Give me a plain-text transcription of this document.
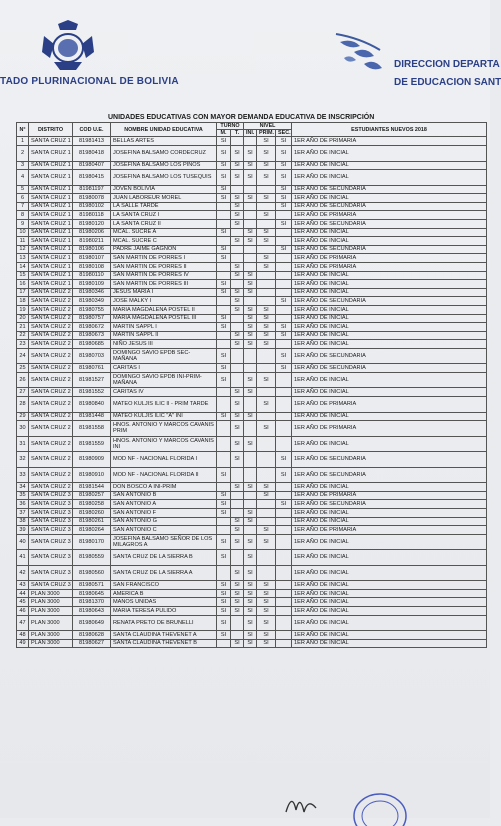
TADO PLURINACIONAL DE BOLIVIA
DIRECCION DEPARTA
DE EDUCACION SANT
UNIDADES EDUCATIVAS CON MAYOR DEMANDA EDUCATIVA DE INSCRIPCIÓN
N°	DISTRITO	COD U.E.	NOMBRE UNIDAD EDUCATIVA	TURNO		NIVEL			ESTUDIANTES NUEVOS 2018
				M.	T.	INI.	PRIM.	SEC.	
1	SANTA CRUZ 1	81981413	BELLAS ARTES	SI			SI	SI	1ER AÑO DE PRIMARIA
2	SANTA CRUZ 1	81980418	JOSEFINA BALSAMO CORDECRUZ	SI	SI	SI	SI	SI	1ER AÑO DE INICIAL
3	SANTA CRUZ 1	81980407	JOSEFINA BALSAMO LOS PINOS	SI	SI	SI	SI	SI	1ER AÑO DE INICIAL
4	SANTA CRUZ 1	81980415	JOSEFINA BALSAMO LOS TUSEQUIS	SI	SI	SI	SI	SI	1ER AÑO DE INICIAL
5	SANTA CRUZ 1	81981197	JOVEN BOLIVIA	SI				SI	1ER AÑO DE SECUNDARIA
6	SANTA CRUZ 1	81980078	JUAN LABOREUR MOREL	SI	SI	SI	SI	SI	1ER AÑO DE INICIAL
7	SANTA CRUZ 1	81980102	LA SALLE TARDE		SI			SI	1ER AÑO DE SECUNDARIA
8	SANTA CRUZ 1	81980118	LA SANTA CRUZ I		SI		SI		1ER AÑO DE PRIMARIA
9	SANTA CRUZ 1	81980120	LA SANTA CRUZ II		SI			SI	1ER AÑO DE SECUNDARIA
10	SANTA CRUZ 1	81980206	MCAL. SUCRE A	SI		SI	SI		1ER AÑO DE INICIAL
11	SANTA CRUZ 1	81980211	MCAL. SUCRE C		SI	SI	SI		1ER AÑO DE INICIAL
12	SANTA CRUZ 1	81980106	PADRE JAIME GAGNON	SI				SI	1ER AÑO DE SECUNDARIA
13	SANTA CRUZ 1	81980107	SAN MARTIN DE PORRES I	SI			SI		1ER AÑO DE PRIMARIA
14	SANTA CRUZ 1	81980108	SAN MARTIN DE PORRES II		SI		SI		1ER AÑO DE PRIMARIA
15	SANTA CRUZ 1	81980110	SAN MARTIN DE PORRES IV		SI	SI			1ER AÑO DE INICIAL
16	SANTA CRUZ 1	81980109	SAN MARTIN DE PORRES III	SI		SI			1ER AÑO DE INICIAL
17	SANTA CRUZ 2	81980346	JESUS MARIA I	SI	SI	SI			1ER AÑO DE INICIAL
18	SANTA CRUZ 2	81980349	JOSE MALKY I		SI			SI	1ER AÑO DE SECUNDARIA
19	SANTA CRUZ 2	81980755	MARIA MAGDALENA POSTEL II		SI	SI	SI		1ER AÑO DE INICIAL
20	SANTA CRUZ 2	81980757	MARIA MAGDALENA POSTEL III	SI		SI	SI		1ER AÑO DE INICIAL
21	SANTA CRUZ 2	81980672	MARTIN SAPPL I	SI		SI	SI	SI	1ER AÑO DE INICIAL
22	SANTA CRUZ 2	81980673	MARTIN SAPPL II		SI	SI	SI	SI	1ER AÑO DE INICIAL
23	SANTA CRUZ 2	81980685	NIÑO JESUS III		SI	SI	SI		1ER AÑO DE INICIAL
24	SANTA CRUZ 2	81980703	DOMINGO SAVIO EPDB SEC- MAÑANA	SI				SI	1ER AÑO DE SECUNDARIA
25	SANTA CRUZ 2	81980761	CARITAS I	SI				SI	1ER AÑO DE SECUNDARIA
26	SANTA CRUZ 2	81981527	DOMINGO SAVIO EPDB INI-PRIM- MAÑANA	SI		SI	SI		1ER AÑO DE INICIAL
27	SANTA CRUZ 2	81981552	CARITAS IV		SI	SI			1ER AÑO DE INICIAL
28	SANTA CRUZ 2	81980840	MATEO KULJIS ILIC II - PRIM TARDE		SI		SI		1ER AÑO DE PRIMARIA
29	SANTA CRUZ 2	81981448	MATEO KULJIS ILIC "A" INI	SI	SI	SI			1ER AÑO DE INICIAL
30	SANTA CRUZ 2	81981558	HNOS. ANTONIO Y MARCOS CAVANIS PRIM		SI		SI		1ER AÑO DE PRIMARIA
31	SANTA CRUZ 2	81981559	HNOS. ANTONIO Y MARCOS CAVANIS INI		SI	SI			1ER AÑO DE INICIAL
32	SANTA CRUZ 2	81980909	MOD NF - NACIONAL FLORIDA I		SI			SI	1ER AÑO DE SECUNDARIA
33	SANTA CRUZ 2	81980910	MOD NF - NACIONAL FLORIDA II	SI				SI	1ER AÑO DE SECUNDARIA
34	SANTA CRUZ 2	81981544	DON BOSCO A INI-PRIM		SI	SI	SI		1ER AÑO DE INICIAL
35	SANTA CRUZ 3	81980257	SAN ANTONIO B	SI			SI		1ER AÑO DE PRIMARIA
36	SANTA CRUZ 3	81980258	SAN ANTONIO A	SI				SI	1ER AÑO DE SECUNDARIA
37	SANTA CRUZ 3	81980260	SAN ANTONIO F	SI		SI			1ER AÑO DE INICIAL
38	SANTA CRUZ 3	81980261	SAN ANTONIO G		SI	SI			1ER AÑO DE INICIAL
39	SANTA CRUZ 3	81980264	SAN ANTONIO C		SI		SI		1ER AÑO DE PRIMARIA
40	SANTA CRUZ 3	81980170	JOSEFINA BALSAMO SEÑOR DE LOS MILAGROS A	SI	SI	SI	SI		1ER AÑO DE INICIAL
41	SANTA CRUZ 3	81980559	SANTA CRUZ DE LA SIERRA B	SI		SI			1ER AÑO DE INICIAL
42	SANTA CRUZ 3	81980560	SANTA CRUZ DE LA SIERRA A		SI	SI			1ER AÑO DE INICIAL
43	SANTA CRUZ 3	81980571	SAN FRANCISCO	SI	SI	SI	SI		1ER AÑO DE INICIAL
44	PLAN 3000	81980645	AMERICA B	SI	SI	SI	SI		1ER AÑO DE INICIAL
45	PLAN 3000	81981370	MANOS UNIDAS	SI	SI	SI	SI		1ER AÑO DE INICIAL
46	PLAN 3000	81980643	MARIA TERESA PULIDO	SI	SI	SI	SI		1ER AÑO DE INICIAL
47	PLAN 3000	81980649	RENATA PRETO DE BRUNELLI	SI		SI	SI		1ER AÑO DE INICIAL
48	PLAN 3000	81980628	SANTA CLAUDINA THEVENET A	SI		SI	SI		1ER AÑO DE INICIAL
49	PLAN 3000	81980627	SANTA CLAUDINA THEVENET B		SI	SI	SI		1ER AÑO DE INICIAL
